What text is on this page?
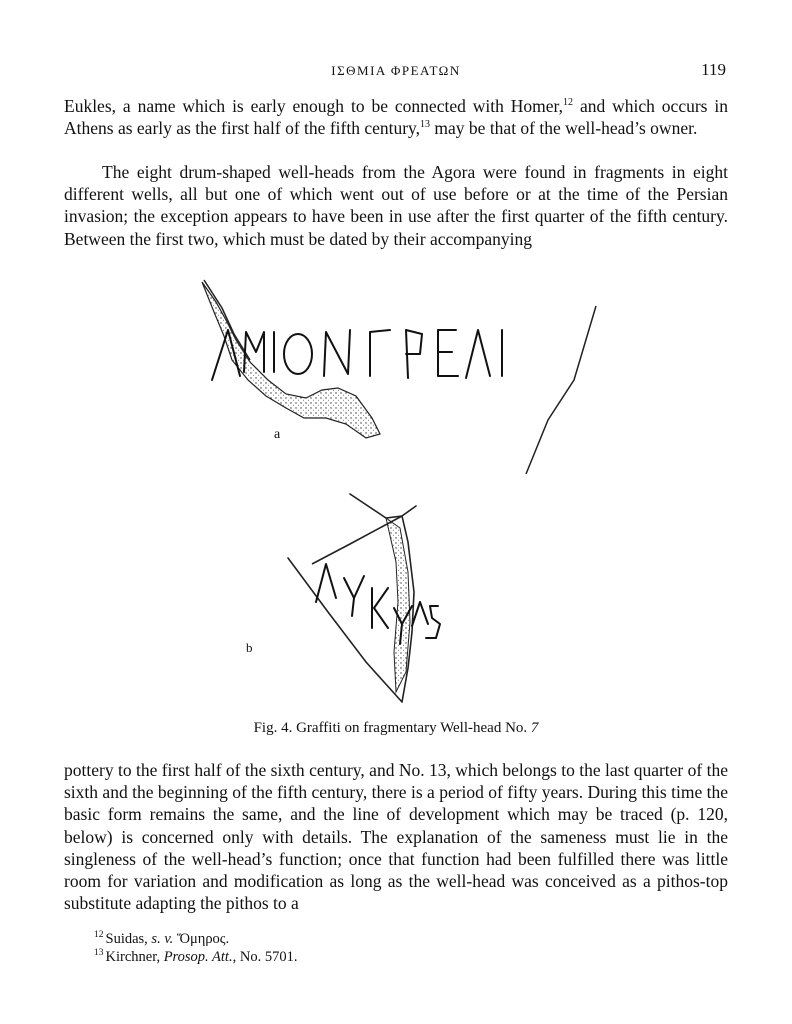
ΙΣΘΜΙΑ ΦΡΕΑΤΩΝ	119

Eukles, a name which is early enough to be connected with Homer,$^{12}$ and which occurs in Athens as early as the first half of the fifth century,$^{13}$ may be that of the well-head’s owner.

The eight drum-shaped well-heads from the Agora were found in fragments in eight different wells, all but one of which went out of use before or at the time of the Persian invasion; the exception appears to have been in use after the first quarter of the fifth century. Between the first two, which must be dated by their accompanying

a
b
Fig. 4. Graffiti on fragmentary Well-head No. 7

pottery to the first half of the sixth century, and No. 13, which belongs to the last quarter of the sixth and the beginning of the fifth century, there is a period of fifty years. During this time the basic form remains the same, and the line of development which may be traced (p. 120, below) is concerned only with details. The explanation of the sameness must lie in the singleness of the well-head’s function; once that function had been fulfilled there was little room for variation and modification as long as the well-head was conceived as a pithos-top substitute adapting the pithos to a

$^{12}$ Suidas, s. v. Ὅμηρος.

$^{13}$ Kirchner, Prosop. Att., No. 5701.
